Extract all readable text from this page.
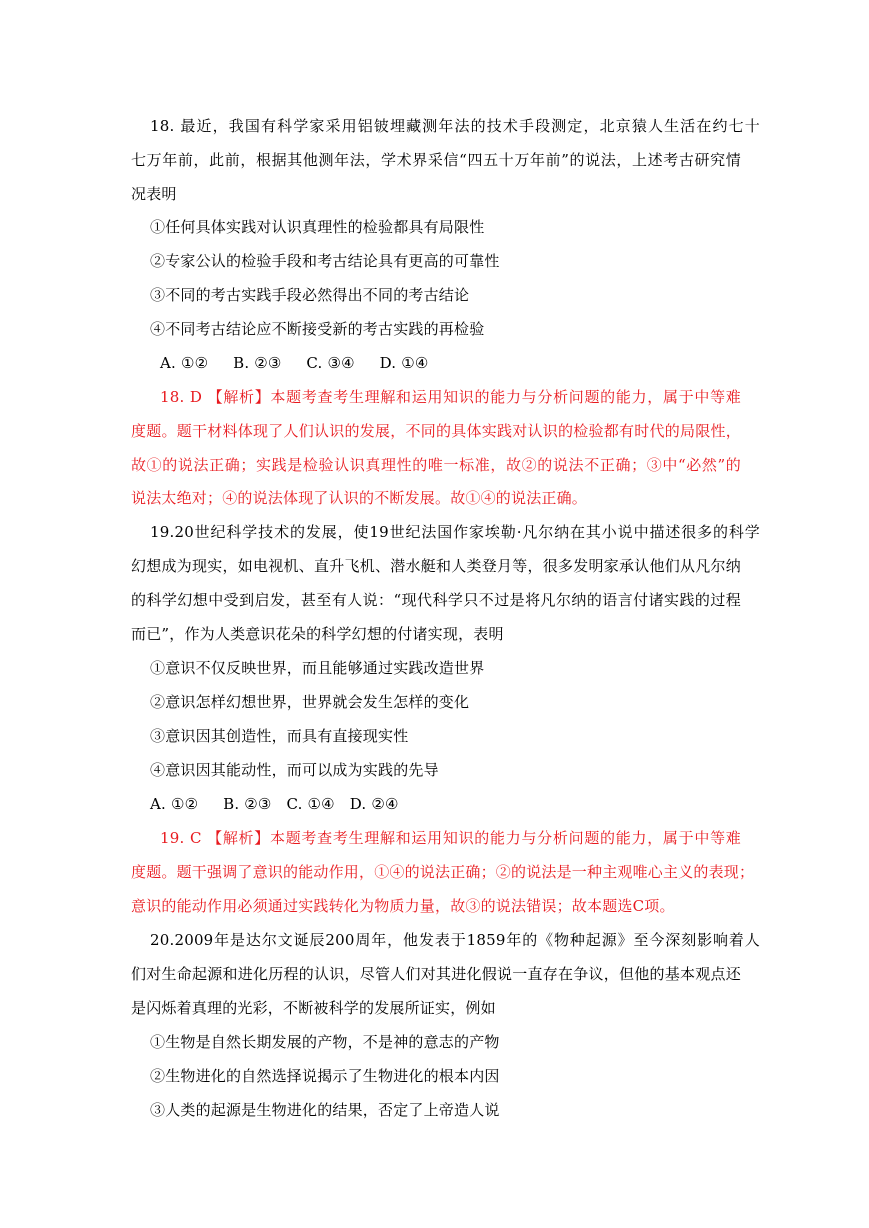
18. 最近，我国有科学家采用铝铍埋藏测年法的技术手段测定，北京猿人生活在约七十
七万年前，此前，根据其他测年法，学术界采信“四五十万年前”的说法，上述考古研究情
况表明
①任何具体实践对认识真理性的检验都具有局限性
②专家公认的检验手段和考古结论具有更高的可靠性
③不同的考古实践手段必然得出不同的考古结论
④不同考古结论应不断接受新的考古实践的再检验
A. ①②     B. ②③     C. ③④     D. ①④
18. D 【解析】本题考查考生理解和运用知识的能力与分析问题的能力，属于中等难
度题。题干材料体现了人们认识的发展，不同的具体实践对认识的检验都有时代的局限性，
故①的说法正确；实践是检验认识真理性的唯一标准，故②的说法不正确；③中“必然”的
说法太绝对；④的说法体现了认识的不断发展。故①④的说法正确。
19.20世纪科学技术的发展，使19世纪法国作家埃勒·凡尔纳在其小说中描述很多的科学
幻想成为现实，如电视机、直升飞机、潜水艇和人类登月等，很多发明家承认他们从凡尔纳
的科学幻想中受到启发，甚至有人说：“现代科学只不过是将凡尔纳的语言付诸实践的过程
而已”，作为人类意识花朵的科学幻想的付诸实现，表明
①意识不仅反映世界，而且能够通过实践改造世界
②意识怎样幻想世界，世界就会发生怎样的变化
③意识因其创造性，而具有直接现实性
④意识因其能动性，而可以成为实践的先导
A. ①②     B. ②③   C. ①④   D. ②④
19. C 【解析】本题考查考生理解和运用知识的能力与分析问题的能力，属于中等难
度题。题干强调了意识的能动作用，①④的说法正确；②的说法是一种主观唯心主义的表现；
意识的能动作用必须通过实践转化为物质力量，故③的说法错误；故本题选C项。
20.2009年是达尔文诞辰200周年，他发表于1859年的《物种起源》至今深刻影响着人
们对生命起源和进化历程的认识，尽管人们对其进化假说一直存在争议，但他的基本观点还
是闪烁着真理的光彩，不断被科学的发展所证实，例如
①生物是自然长期发展的产物，不是神的意志的产物
②生物进化的自然选择说揭示了生物进化的根本内因
③人类的起源是生物进化的结果，否定了上帝造人说
